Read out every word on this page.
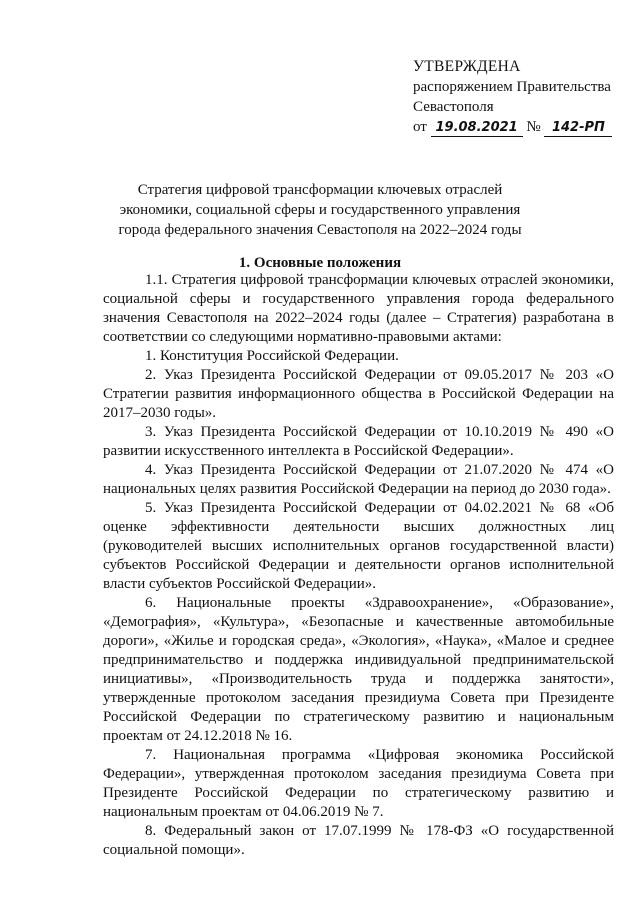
УТВЕРЖДЕНА
распоряжением Правительства
Севастополя
от 19.08.2021 № 142-РП
Стратегия цифровой трансформации ключевых отраслей экономики, социальной сферы и государственного управления города федерального значения Севастополя на 2022–2024 годы
1. Основные положения

1.1. Стратегия цифровой трансформации ключевых отраслей экономики, социальной сферы и государственного управления города федерального значения Севастополя на 2022–2024 годы (далее – Стратегия) разработана в соответствии со следующими нормативно-правовыми актами:

1. Конституция Российской Федерации.

2. Указ Президента Российской Федерации от 09.05.2017 № 203 «О Стратегии развития информационного общества в Российской Федерации на 2017–2030 годы».

3. Указ Президента Российской Федерации от 10.10.2019 № 490 «О развитии искусственного интеллекта в Российской Федерации».

4. Указ Президента Российской Федерации от 21.07.2020 № 474 «О национальных целях развития Российской Федерации на период до 2030 года».

5. Указ Президента Российской Федерации от 04.02.2021 № 68 «Об оценке эффективности деятельности высших должностных лиц (руководителей высших исполнительных органов государственной власти) субъектов Российской Федерации и деятельности органов исполнительной власти субъектов Российской Федерации».

6. Национальные проекты «Здравоохранение», «Образование», «Демография», «Культура», «Безопасные и качественные автомобильные дороги», «Жилье и городская среда», «Экология», «Наука», «Малое и среднее предпринимательство и поддержка индивидуальной предпринимательской инициативы», «Производительность труда и поддержка занятости», утвержденные протоколом заседания президиума Совета при Президенте Российской Федерации по стратегическому развитию и национальным проектам от 24.12.2018 № 16.

7. Национальная программа «Цифровая экономика Российской Федерации», утвержденная протоколом заседания президиума Совета при Президенте Российской Федерации по стратегическому развитию и национальным проектам от 04.06.2019 № 7.

8. Федеральный закон от 17.07.1999 № 178-ФЗ «О государственной социальной помощи».
